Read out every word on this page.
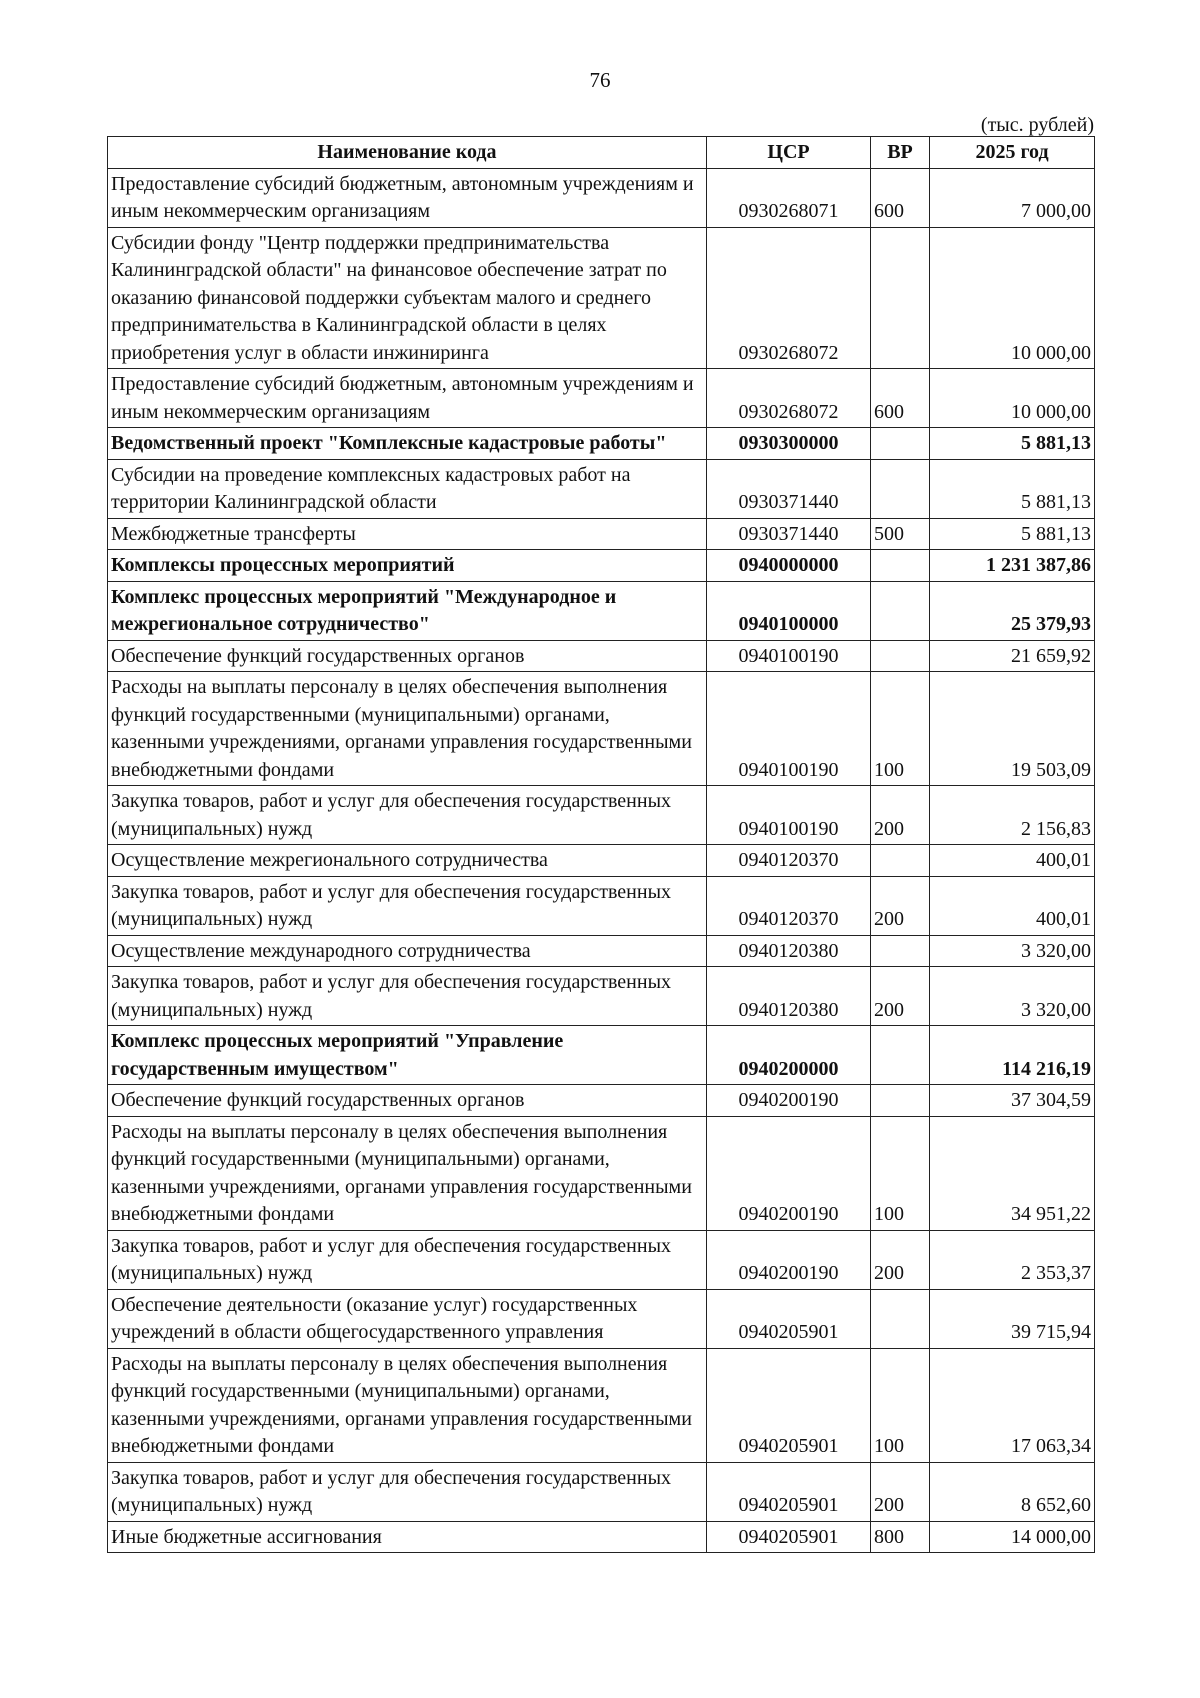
76
(тыс. рублей)
Наименование кода	ЦСР	ВР	2025 год
Предоставление субсидий бюджетным, автономным учреждениям и иным некоммерческим организациям	0930268071	600	7 000,00
Субсидии фонду "Центр поддержки предпринимательства Калининградской области" на финансовое обеспечение затрат по оказанию финансовой поддержки субъектам малого и среднего предпринимательства в Калининградской области в целях приобретения услуг в области инжиниринга	0930268072		10 000,00
Предоставление субсидий бюджетным, автономным учреждениям и иным некоммерческим организациям	0930268072	600	10 000,00
Ведомственный проект "Комплексные кадастровые работы"	0930300000		5 881,13
Субсидии на проведение комплексных кадастровых работ на территории Калининградской области	0930371440		5 881,13
Межбюджетные трансферты	0930371440	500	5 881,13
Комплексы процессных мероприятий	0940000000		1 231 387,86
Комплекс процессных мероприятий "Международное и межрегиональное сотрудничество"	0940100000		25 379,93
Обеспечение функций государственных органов	0940100190		21 659,92
Расходы на выплаты персоналу в целях обеспечения выполнения функций государственными (муниципальными) органами, казенными учреждениями, органами управления государственными внебюджетными фондами	0940100190	100	19 503,09
Закупка товаров, работ и услуг для обеспечения государственных (муниципальных) нужд	0940100190	200	2 156,83
Осуществление межрегионального сотрудничества	0940120370		400,01
Закупка товаров, работ и услуг для обеспечения государственных (муниципальных) нужд	0940120370	200	400,01
Осуществление международного сотрудничества	0940120380		3 320,00
Закупка товаров, работ и услуг для обеспечения государственных (муниципальных) нужд	0940120380	200	3 320,00
Комплекс процессных мероприятий "Управление государственным имуществом"	0940200000		114 216,19
Обеспечение функций государственных органов	0940200190		37 304,59
Расходы на выплаты персоналу в целях обеспечения выполнения функций государственными (муниципальными) органами, казенными учреждениями, органами управления государственными внебюджетными фондами	0940200190	100	34 951,22
Закупка товаров, работ и услуг для обеспечения государственных (муниципальных) нужд	0940200190	200	2 353,37
Обеспечение деятельности (оказание услуг) государственных учреждений в области общегосударственного управления	0940205901		39 715,94
Расходы на выплаты персоналу в целях обеспечения выполнения функций государственными (муниципальными) органами, казенными учреждениями, органами управления государственными внебюджетными фондами	0940205901	100	17 063,34
Закупка товаров, работ и услуг для обеспечения государственных (муниципальных) нужд	0940205901	200	8 652,60
Иные бюджетные ассигнования	0940205901	800	14 000,00
